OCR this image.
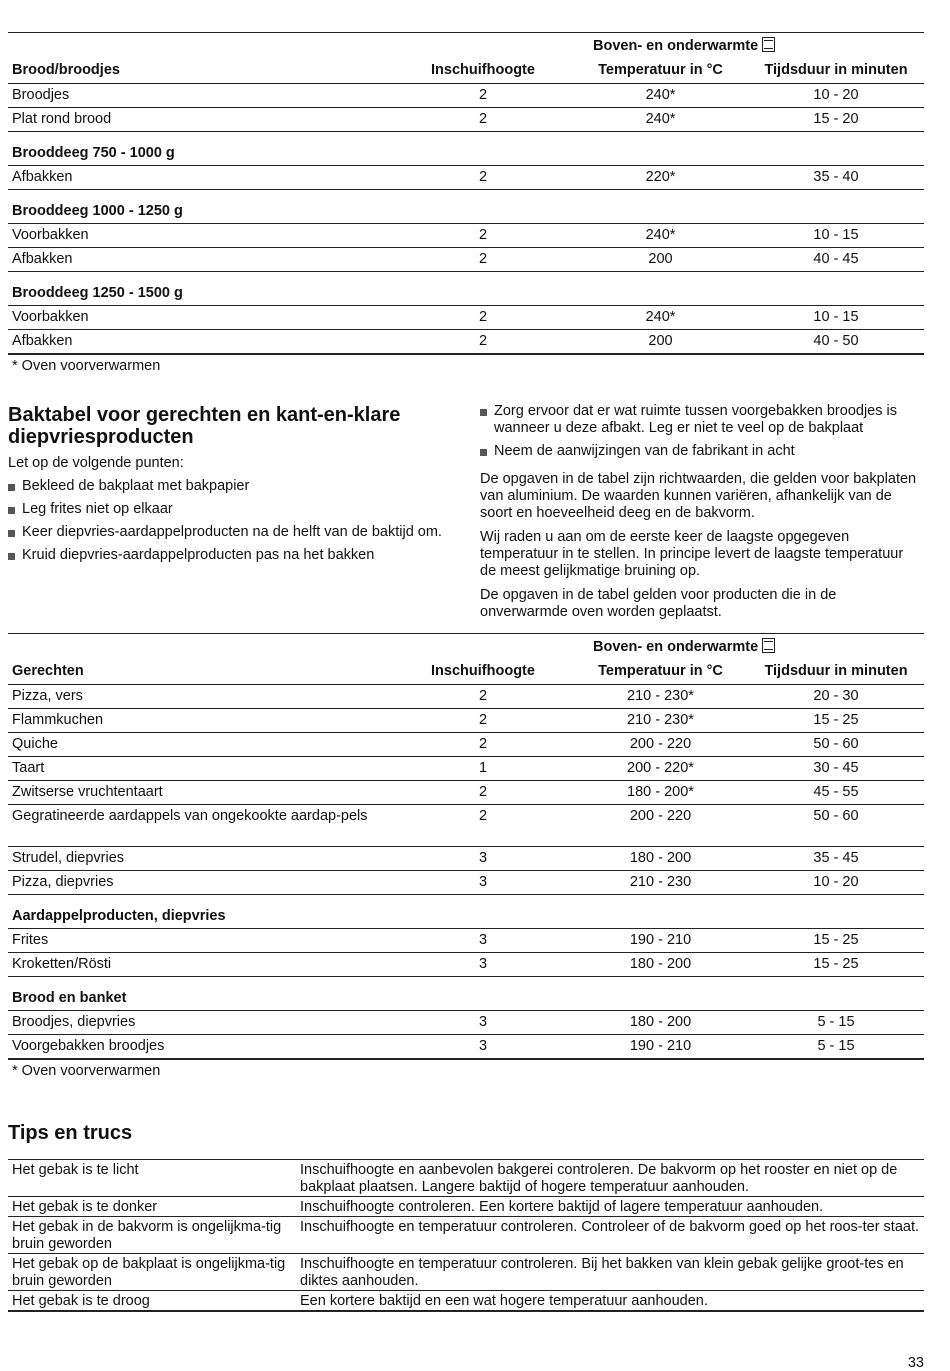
		Boven- en onderwarmte	
Brood/broodjes	Inschuifhoogte	Temperatuur in °C	Tijdsduur in minuten
Broodjes	2	240*	10 - 20
Plat rond brood	2	240*	15 - 20
Brooddeeg 750 - 1000 g			
Afbakken	2	220*	35 - 40
Brooddeeg 1000 - 1250 g			
Voorbakken	2	240*	10 - 15
Afbakken	2	200	40 - 45
Brooddeeg 1250 - 1500 g			
Voorbakken	2	240*	10 - 15
Afbakken	2	200	40 - 50
* Oven voorverwarmen			
Baktabel voor gerechten en kant-en-klare
diepvriesproducten

Let op de volgende punten:

Bekleed de bakplaat met bakpapier
Leg frites niet op elkaar
Keer diepvries-aardappelproducten na de helft van de baktijd om.
Kruid diepvries-aardappelproducten pas na het bakken
Zorg ervoor dat er wat ruimte tussen voorgebakken broodjes is wanneer u deze afbakt. Leg er niet te veel op de bakplaat
Neem de aanwijzingen van de fabrikant in acht

De opgaven in de tabel zijn richtwaarden, die gelden voor bakplaten van aluminium. De waarden kunnen variëren, afhankelijk van de soort en hoeveelheid deeg en de bakvorm.

Wij raden u aan om de eerste keer de laagste opgegeven temperatuur in te stellen. In principe levert de laagste temperatuur de meest gelijkmatige bruining op.

De opgaven in de tabel gelden voor producten die in de onverwarmde oven worden geplaatst.

		Boven- en onderwarmte	
Gerechten	Inschuifhoogte	Temperatuur in °C	Tijdsduur in minuten
Pizza, vers	2	210 - 230*	20 - 30
Flammkuchen	2	210 - 230*	15 - 25
Quiche	2	200 - 220	50 - 60
Taart	1	200 - 220*	30 - 45
Zwitserse vruchtentaart	2	180 - 200*	45 - 55
Gegratineerde aardappels van ongekookte aardap-pels	2	200 - 220	50 - 60
Strudel, diepvries	3	180 - 200	35 - 45
Pizza, diepvries	3	210 - 230	10 - 20
Aardappelproducten, diepvries			
Frites	3	190 - 210	15 - 25
Kroketten/Rösti	3	180 - 200	15 - 25
Brood en banket			
Broodjes, diepvries	3	180 - 200	5 - 15
Voorgebakken broodjes	3	190 - 210	5 - 15
* Oven voorverwarmen			
Tips en trucs
Het gebak is te licht	Inschuifhoogte en aanbevolen bakgerei controleren. De bakvorm op het rooster en niet op de bakplaat plaatsen. Langere baktijd of hogere temperatuur aanhouden.
Het gebak is te donker	Inschuifhoogte controleren. Een kortere baktijd of lagere temperatuur aanhouden.
Het gebak in de bakvorm is ongelijkma-tig bruin geworden	Inschuifhoogte en temperatuur controleren. Controleer of de bakvorm goed op het roos-ter staat.
Het gebak op de bakplaat is ongelijkma-tig bruin geworden	Inschuifhoogte en temperatuur controleren. Bij het bakken van klein gebak gelijke groot-tes en diktes aanhouden.
Het gebak is te droog	Een kortere baktijd en een wat hogere temperatuur aanhouden.
33
